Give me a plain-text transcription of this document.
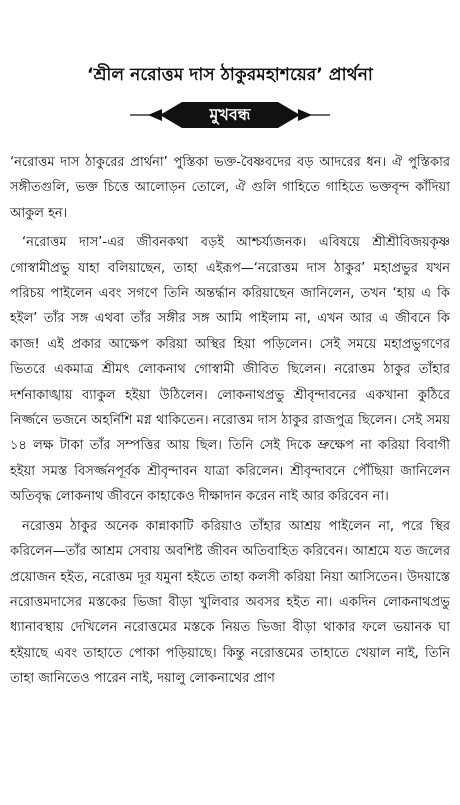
‘শ্রীল নরোত্তম দাস ঠাকুরমহাশয়ের’ প্রার্থনা
মুখবন্ধ

‘নরোত্তম দাস ঠাকুরের প্রার্থনা’ পুস্তিকা ভক্ত-বৈষ্ণবদের বড় আদরের ধন। ঐ পুস্তিকার সঙ্গীতগুলি, ভক্ত চিত্তে আলোড়ন তোলে, ঐ গুলি গাহিতে গাহিতে ভক্তবৃন্দ কাঁদিয়া আকুল হন।

‘নরোত্তম দাস’-এর জীবনকথা বড়ই আশ্চর্য্যজনক। এবিষয়ে শ্রীশ্রীবিজয়কৃষ্ণ গোস্বামীপ্রভু যাহা বলিয়াছেন, তাহা এইরূপ—‘নরোত্তম দাস ঠাকুর’ মহাপ্রভুর যখন পরিচয় পাইলেন এবং সগণে তিনি অন্তর্দ্ধান করিয়াছেন জানিলেন, তখন ‘হায় এ কি হইল’ তাঁর সঙ্গ এথবা তাঁর সঙ্গীর সঙ্গ আমি পাইলাম না, এখন আর এ জীবনে কি কাজ! এই প্রকার আক্ষেপ করিয়া অস্থির হিয়া পড়িলেন। সেই সময়ে মহাপ্রভুগণের ভিতরে একমাত্র শ্রীমৎ লোকনাথ গোস্বামী জীবিত ছিলেন। নরোত্তম ঠাকুর তাঁহার দর্শনাকাঙ্খায় ব্যাকুল হইয়া উঠিলেন। লোকনাথপ্রভু শ্রীবৃন্দাবনের একখানা কুঠিরে নির্জ্জনে ভজনে অহর্নিশি মগ্ন থাকিতেন। নরোত্তম দাস ঠাকুর রাজপুত্র ছিলেন। সেই সময় ১৪ লক্ষ টাকা তাঁর সম্পত্তির আয় ছিল। তিনি সেই দিকে ভ্রুক্ষেপ না করিয়া বিবাগী হইয়া সমস্ত বিসর্জ্জনপূর্বক শ্রীবৃন্দাবন যাত্রা করিলেন। শ্রীবৃন্দাবনে পৌঁছিয়া জানিলেন অতিবৃদ্ধ লোকনাথ জীবনে কাহাকেও দীক্ষাদান করেন নাই আর করিবেন না।

নরোত্তম ঠাকুর অনেক কান্নাকাটি করিয়াও তাঁহার আশ্রয় পাইলেন না, পরে স্থির করিলেন—তাঁর আশ্রম সেবায় অবশিষ্ট জীবন অতিবাহিত করিবেন। আশ্রমে যত জলের প্রয়োজন হইত, নরোত্তম দূর যমুনা হইতে তাহা কলসী করিয়া নিয়া আসিতেন। উদয়াস্তে নরোত্তমদাসের মস্তকের ভিজা বীড়া খুলিবার অবসর হইত না। একদিন লোকনাথপ্রভু ধ্যানাবস্থায় দেখিলেন নরোত্তমের মস্তকে নিয়ত ভিজা বীড়া থাকার ফলে ভয়ানক ঘা হইয়াছে এবং তাহাতে পোকা পড়িয়াছে। কিন্তু নরোত্তমের তাহাতে খেয়াল নাই, তিনি তাহা জানিতেও পারেন নাই, দয়ালু লোকনাথের প্রাণ
